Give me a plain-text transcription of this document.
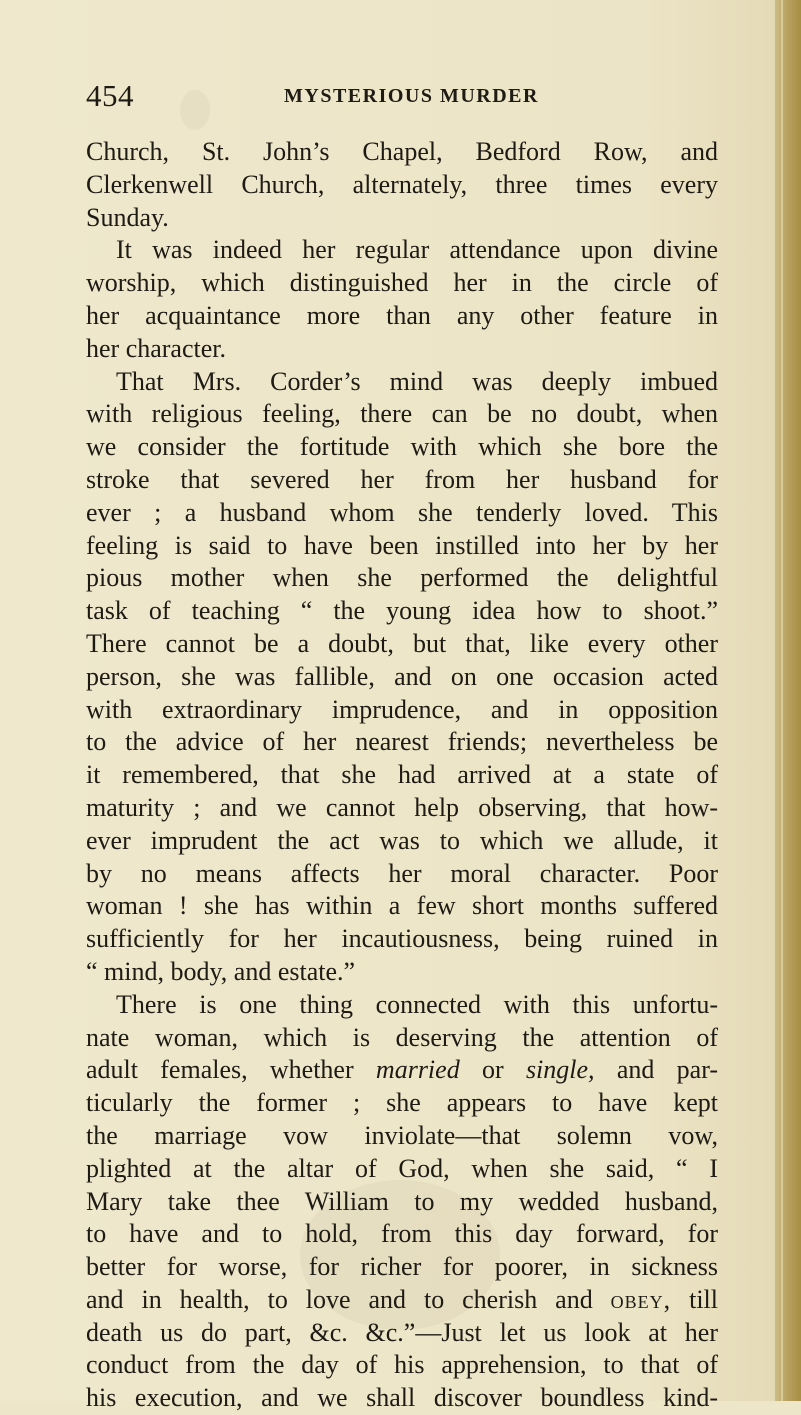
454	MYSTERIOUS MURDER
Church, St. John’s Chapel, Bedford Row, and
Clerkenwell Church, alternately, three times every
Sunday.
It was indeed her regular attendance upon divine
worship, which distinguished her in the circle of
her acquaintance more than any other feature in
her character.
That Mrs. Corder’s mind was deeply imbued
with religious feeling, there can be no doubt, when
we consider the fortitude with which she bore the
stroke that severed her from her husband for
ever ; a husband whom she tenderly loved. This
feeling is said to have been instilled into her by her
pious mother when she performed the delightful
task of teaching “ the young idea how to shoot.”
There cannot be a doubt, but that, like every other
person, she was fallible, and on one occasion acted
with extraordinary imprudence, and in opposition
to the advice of her nearest friends; nevertheless be
it remembered, that she had arrived at a state of
maturity ; and we cannot help observing, that how-
ever imprudent the act was to which we allude, it
by no means affects her moral character. Poor
woman ! she has within a few short months suffered
sufficiently for her incautiousness, being ruined in
“ mind, body, and estate.”
There is one thing connected with this unfortu-
nate woman, which is deserving the attention of
adult females, whether married or single, and par-
ticularly the former ; she appears to have kept
the marriage vow inviolate—that solemn vow,
plighted at the altar of God, when she said, “ I
Mary take thee William to my wedded husband,
to have and to hold, from this day forward, for
better for worse, for richer for poorer, in sickness
and in health, to love and to cherish and obey, till
death us do part, &c. &c.”—Just let us look at her
conduct from the day of his apprehension, to that of
his execution, and we shall discover boundless kind-
